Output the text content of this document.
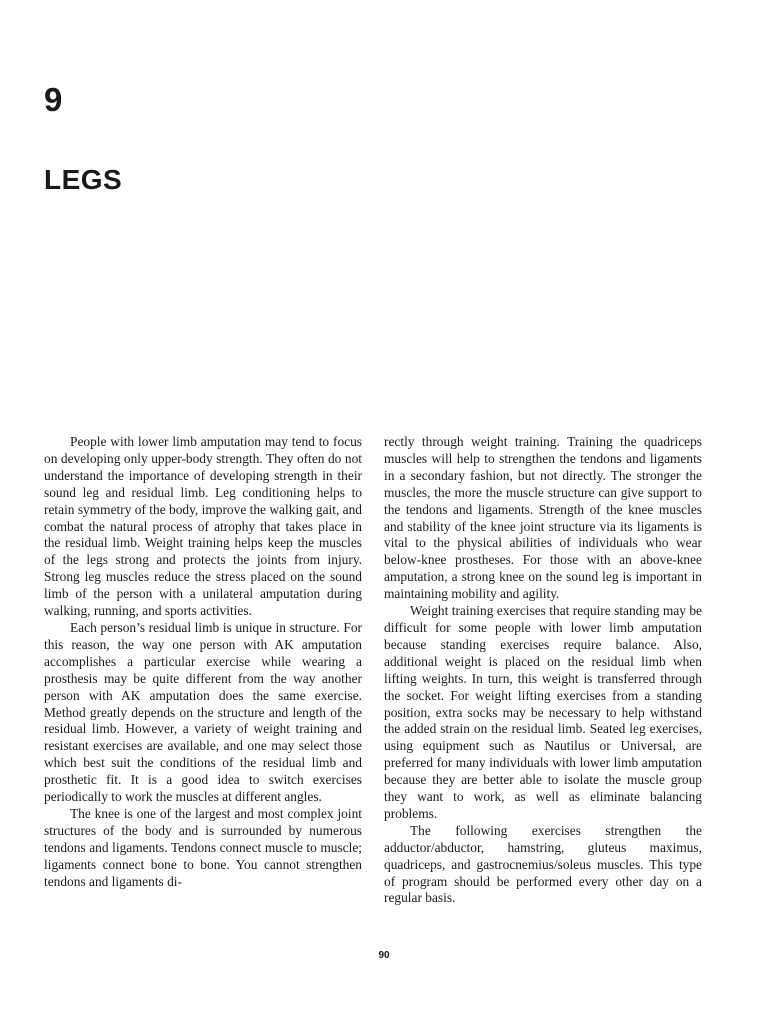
9
LEGS

People with lower limb amputation may tend to focus on developing only upper-body strength. They often do not understand the importance of developing strength in their sound leg and residual limb. Leg conditioning helps to retain symmetry of the body, improve the walking gait, and combat the natural process of atrophy that takes place in the residual limb. Weight training helps keep the muscles of the legs strong and protects the joints from injury. Strong leg muscles reduce the stress placed on the sound limb of the person with a unilateral amputation during walking, running, and sports activities.

Each person’s residual limb is unique in structure. For this reason, the way one person with AK amputation accomplishes a particular exercise while wearing a prosthesis may be quite different from the way another person with AK amputation does the same exercise. Method greatly depends on the structure and length of the residual limb. However, a variety of weight training and resistant exercises are available, and one may select those which best suit the conditions of the residual limb and prosthetic fit. It is a good idea to switch exercises periodically to work the muscles at different angles.

The knee is one of the largest and most complex joint structures of the body and is surrounded by numerous tendons and ligaments. Tendons connect muscle to muscle; ligaments connect bone to bone. You cannot strengthen tendons and ligaments di-

rectly through weight training. Training the quadriceps muscles will help to strengthen the tendons and ligaments in a secondary fashion, but not directly. The stronger the muscles, the more the muscle structure can give support to the tendons and ligaments. Strength of the knee muscles and stability of the knee joint structure via its ligaments is vital to the physical abilities of individuals who wear below-knee prostheses. For those with an above-knee amputation, a strong knee on the sound leg is important in maintaining mobility and agility.

Weight training exercises that require standing may be difficult for some people with lower limb amputation because standing exercises require balance. Also, additional weight is placed on the residual limb when lifting weights. In turn, this weight is transferred through the socket. For weight lifting exercises from a standing position, extra socks may be necessary to help withstand the added strain on the residual limb. Seated leg exercises, using equipment such as Nautilus or Universal, are preferred for many individuals with lower limb amputation because they are better able to isolate the muscle group they want to work, as well as eliminate balancing problems.

The following exercises strengthen the adductor/abductor, hamstring, gluteus maximus, quadriceps, and gastrocnemius/soleus muscles. This type of program should be performed every other day on a regular basis.

90
